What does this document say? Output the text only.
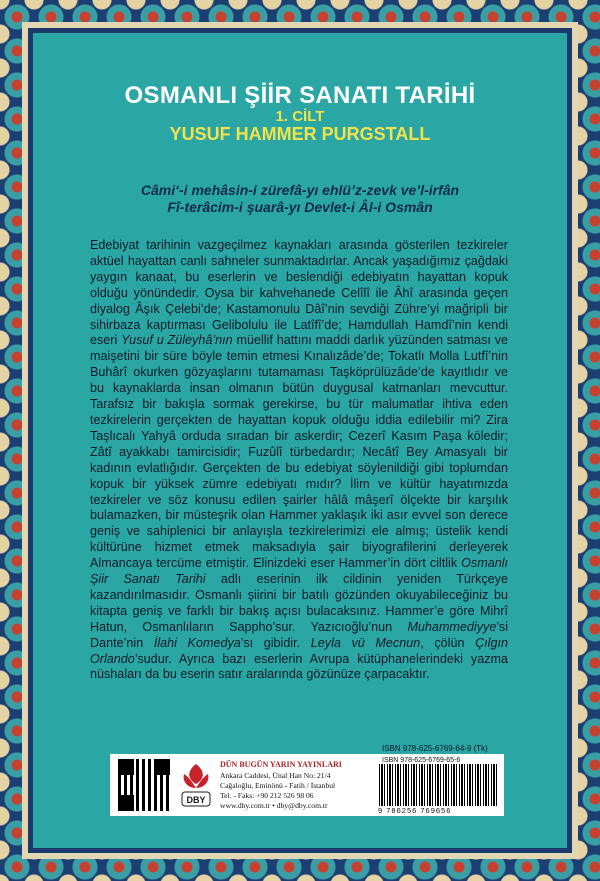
OSMANLI ŞİİR SANATI TARİHİ
1. CİLT
YUSUF HAMMER PURGSTALL
Câmi‘-i mehâsin-i zürefâ-yı ehlü’z-zevk ve’l-irfân
Fî-terâcim-i şuarâ-yı Devlet-i Âl-i Osmân

Edebiyat tarihinin vazgeçilmez kaynakları arasında gösterilen tezkireler aktüel hayattan canlı sahneler sunmaktadırlar. Ancak yaşadığımız çağdaki yaygın kanaat, bu eserlerin ve beslendiği edebiyatın hayattan kopuk olduğu yönündedir. Oysa bir kahvehanede Celîlî ile Âhî arasında geçen diyalog Âşık Çelebi’de; Kastamonulu Dâî’nin sevdiği Zühre’yi mağripli bir sihirbaza kaptırması Gelibolulu ile Latîfî’de; Hamdullah Hamdî’nin kendi eseri Yusuf u Züleyhâ’nın müellif hattını maddi darlık yüzünden satması ve maişetini bir süre böyle temin etmesi Kınalızâde’de; Tokatlı Molla Lutfî’nin Buhârî okurken gözyaşlarını tutamaması Taşköprülüzâde’de kayıtlıdır ve bu kaynaklarda insan olmanın bütün duygusal katmanları mevcuttur. Tarafsız bir bakışla sormak gerekirse, bu tür malumatlar ihtiva eden tezkirelerin gerçekten de hayattan kopuk olduğu iddia edilebilir mi? Zira Taşlıcalı Yahyâ orduda sıradan bir askerdir; Cezerî Kasım Paşa köledir; Zâtî ayakkabı tamircisidir; Fuzûlî türbedardır; Necâtî Bey Amasyalı bir kadının evlatlığıdır. Gerçekten de bu edebiyat söylenildiği gibi toplumdan kopuk bir yüksek zümre edebiyatı mıdır? İlim ve kültür hayatımızda tezkireler ve söz konusu edilen şairler hâlâ mâşerî ölçekte bir karşılık bulamazken, bir müsteşrik olan Hammer yaklaşık iki asır evvel son derece geniş ve sahiplenici bir anlayışla tezkirelerimizi ele almış; üstelik kendi kültürüne hizmet etmek maksadıyla şair biyografilerini derleyerek Almancaya tercüme etmiştir. Elinizdeki eser Hammer’in dört ciltlik Osmanlı Şiir Sanatı Tarihi adlı eserinin ilk cildinin yeniden Türkçeye kazandırılmasıdır. Osmanlı şiirini bir batılı gözünden okuyabileceğiniz bu kitapta geniş ve farklı bir bakış açısı bulacaksınız. Hammer’e göre Mihrî Hatun, Osmanlıların Sappho’sur. Yazıcıoğlu’nun Muhammediyye’si Dante’nin İlahi Komedya’sı gibidir. Leyla vü Mecnun, çölün Çılgın Orlando’sudur. Ayrıca bazı eserlerin Avrupa kütüphanelerindeki yazma nüshaları da bu eserin satır aralarında gözünüze çarpacaktır.

ISBN 978-625-6769-64-9 (Tk)
DBY
DÜN BUGÜN YARIN YAYINLARI
Ankara Caddesi, Ünal Han No: 21/4
Cağaloğlu, Eminönü - Fatih / İstanbul
Tel. - Faks: +90 212 526 98 06
www.dby.com.tr • dby@dby.com.tr
ISBN 978-625-6769-65-6
9 786256 769656
